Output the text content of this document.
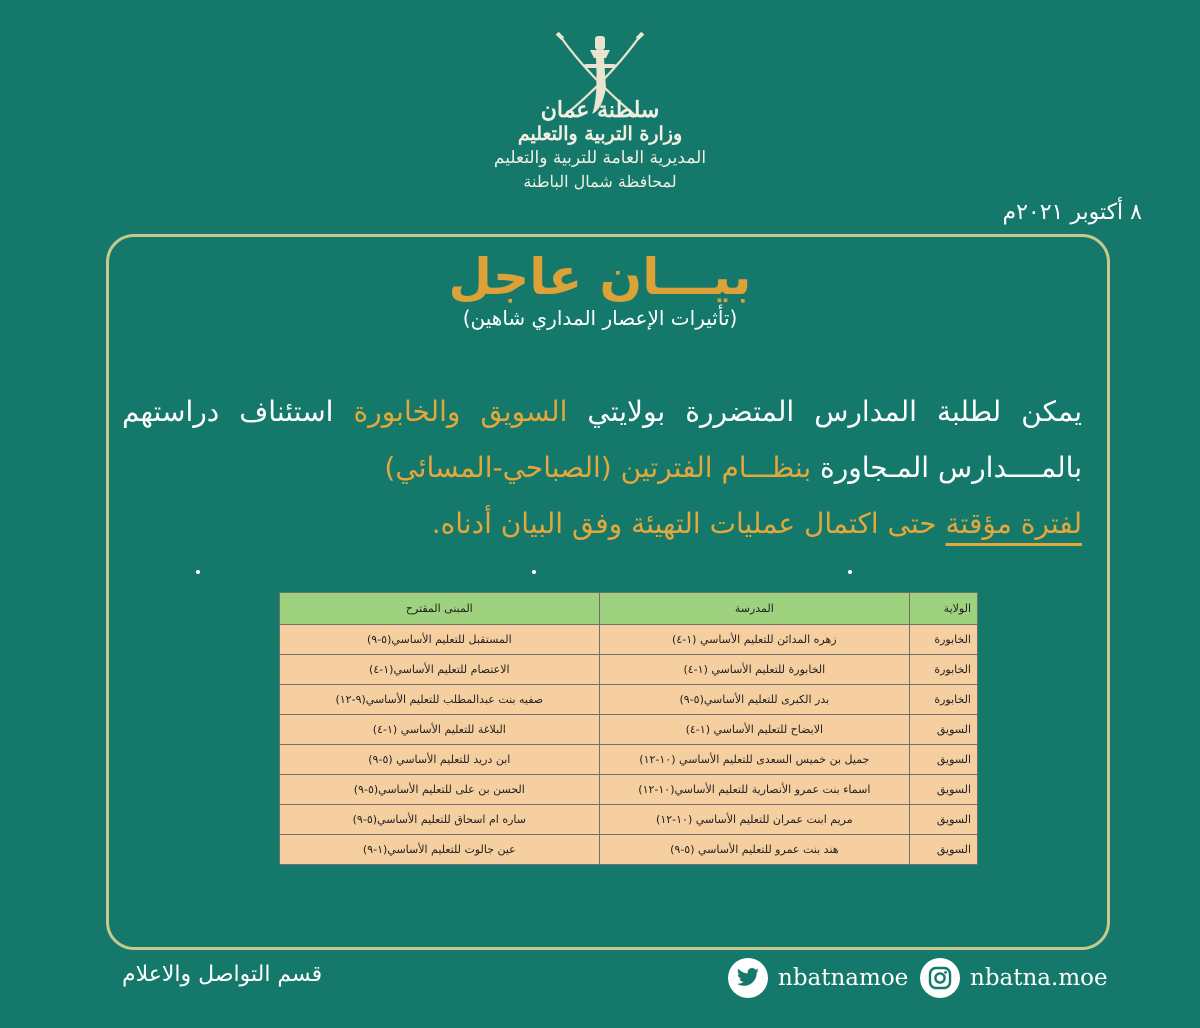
سلطنة عمان
وزارة التربية والتعليم
المديرية العامة للتربية والتعليم
لمحافظة شمال الباطنة
٨ أكتوبر ٢٠٢١م
بيـــان عاجل
(تأثيرات الإعصار المداري شاهين)
يمكن لطلبة المدارس المتضررة بولايتي السويق والخابورة استئناف دراستهم بالمــــدارس المـجاورة بنظـــام الفترتين (الصباحي-المسائي)
لفترة مؤقتة حتى اكتمال عمليات التهيئة وفق البيان أدناه.
الولاية	المدرسة	المبنى المقترح
الخابورة	زهره المدائن للتعليم الأساسي (١-٤)	المستقبل للتعليم الأساسي(٥-٩)
الخابورة	الخابورة للتعليم الأساسي (١-٤)	الاعتصام للتعليم الأساسي(١-٤)
الخابورة	بدر الكبرى للتعليم الأساسي(٥-٩)	صفيه بنت عبدالمطلب للتعليم الأساسي(٩-١٢)
السويق	الايضاح للتعليم الأساسي (١-٤)	البلاغة للتعليم الأساسي (١-٤)
السويق	جميل بن خميس السعدى للتعليم الأساسي (١٠-١٢)	ابن دريد للتعليم الأساسي (٥-٩)
السويق	اسماء بنت عمرو الأنصارية للتعليم الأساسي(١٠-١٢)	الحسن بن على للتعليم الأساسي(٥-٩)
السويق	مريم ابنت عمران للتعليم الأساسي (١٠-١٢)	ساره ام اسحاق للتعليم الأساسي(٥-٩)
السويق	هند بنت عمرو للتعليم الأساسي (٥-٩)	عين جالوت للتعليم الأساسي(١-٩)
قسم التواصل والاعلام	nbatnamoe	nbatna.moe
